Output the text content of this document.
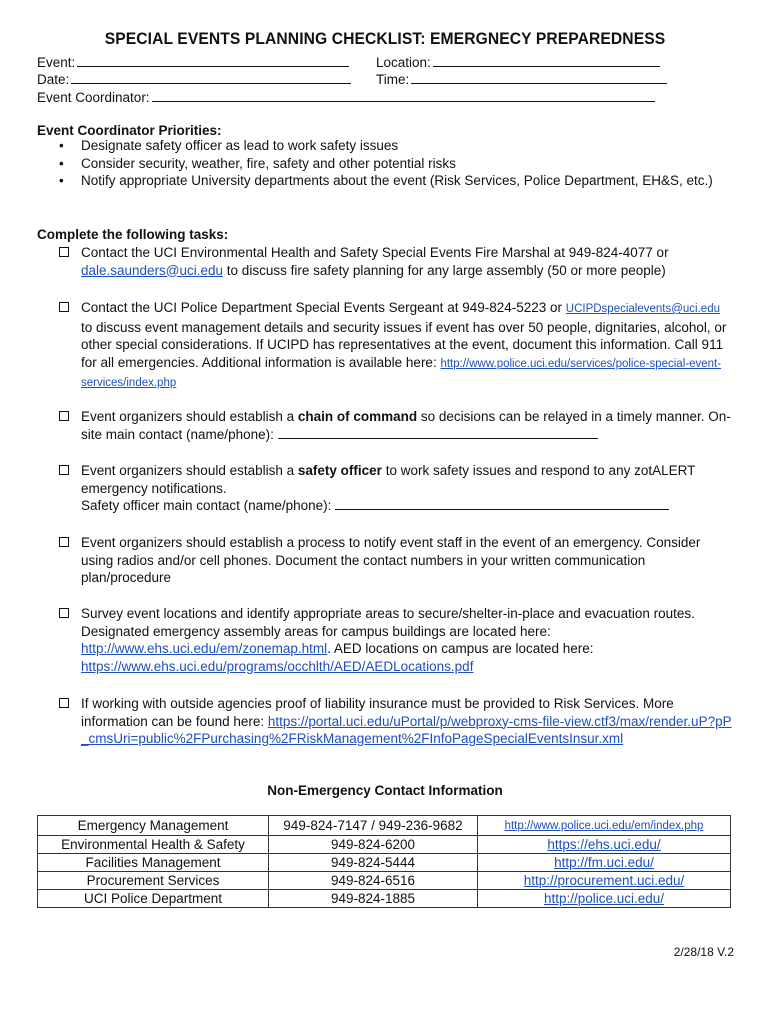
SPECIAL EVENTS PLANNING CHECKLIST: EMERGNECY PREPAREDNESS
Event:	Location:
Date:	Time:
Event Coordinator:
Event Coordinator Priorities:
• Designate safety officer as lead to work safety issues
• Consider security, weather, fire, safety and other potential risks
• Notify appropriate University departments about the event (Risk Services, Police Department, EH&S, etc.)
Complete the following tasks:
Contact the UCI Environmental Health and Safety Special Events Fire Marshal at 949-824-4077 or dale.saunders@uci.edu to discuss fire safety planning for any large assembly (50 or more people)
Contact the UCI Police Department Special Events Sergeant at 949-824-5223 or UCIPDspecialevents@uci.edu to discuss event management details and security issues if event has over 50 people, dignitaries, alcohol, or other special considerations. If UCIPD has representatives at the event, document this information. Call 911 for all emergencies. Additional information is available here: http://www.police.uci.edu/services/police-special-event-services/index.php
Event organizers should establish a chain of command so decisions can be relayed in a timely manner. On-site main contact (name/phone):
Event organizers should establish a safety officer to work safety issues and respond to any zotALERT emergency notifications.
Safety officer main contact (name/phone):
Event organizers should establish a process to notify event staff in the event of an emergency. Consider using radios and/or cell phones. Document the contact numbers in your written communication plan/procedure
Survey event locations and identify appropriate areas to secure/shelter-in-place and evacuation routes. Designated emergency assembly areas for campus buildings are located here: http://www.ehs.uci.edu/em/zonemap.html. AED locations on campus are located here: https://www.ehs.uci.edu/programs/occhlth/AED/AEDLocations.pdf
If working with outside agencies proof of liability insurance must be provided to Risk Services. More information can be found here: https://portal.uci.edu/uPortal/p/webproxy-cms-file-view.ctf3/max/render.uP?pP_cmsUri=public%2FPurchasing%2FRiskManagement%2FInfoPageSpecialEventsInsur.xml
Non-Emergency Contact Information
Emergency Management	949-824-7147 / 949-236-9682	http://www.police.uci.edu/em/index.php
Environmental Health & Safety	949-824-6200	https://ehs.uci.edu/
Facilities Management	949-824-5444	http://fm.uci.edu/
Procurement Services	949-824-6516	http://procurement.uci.edu/
UCI Police Department	949-824-1885	http://police.uci.edu/
2/28/18 V.2
